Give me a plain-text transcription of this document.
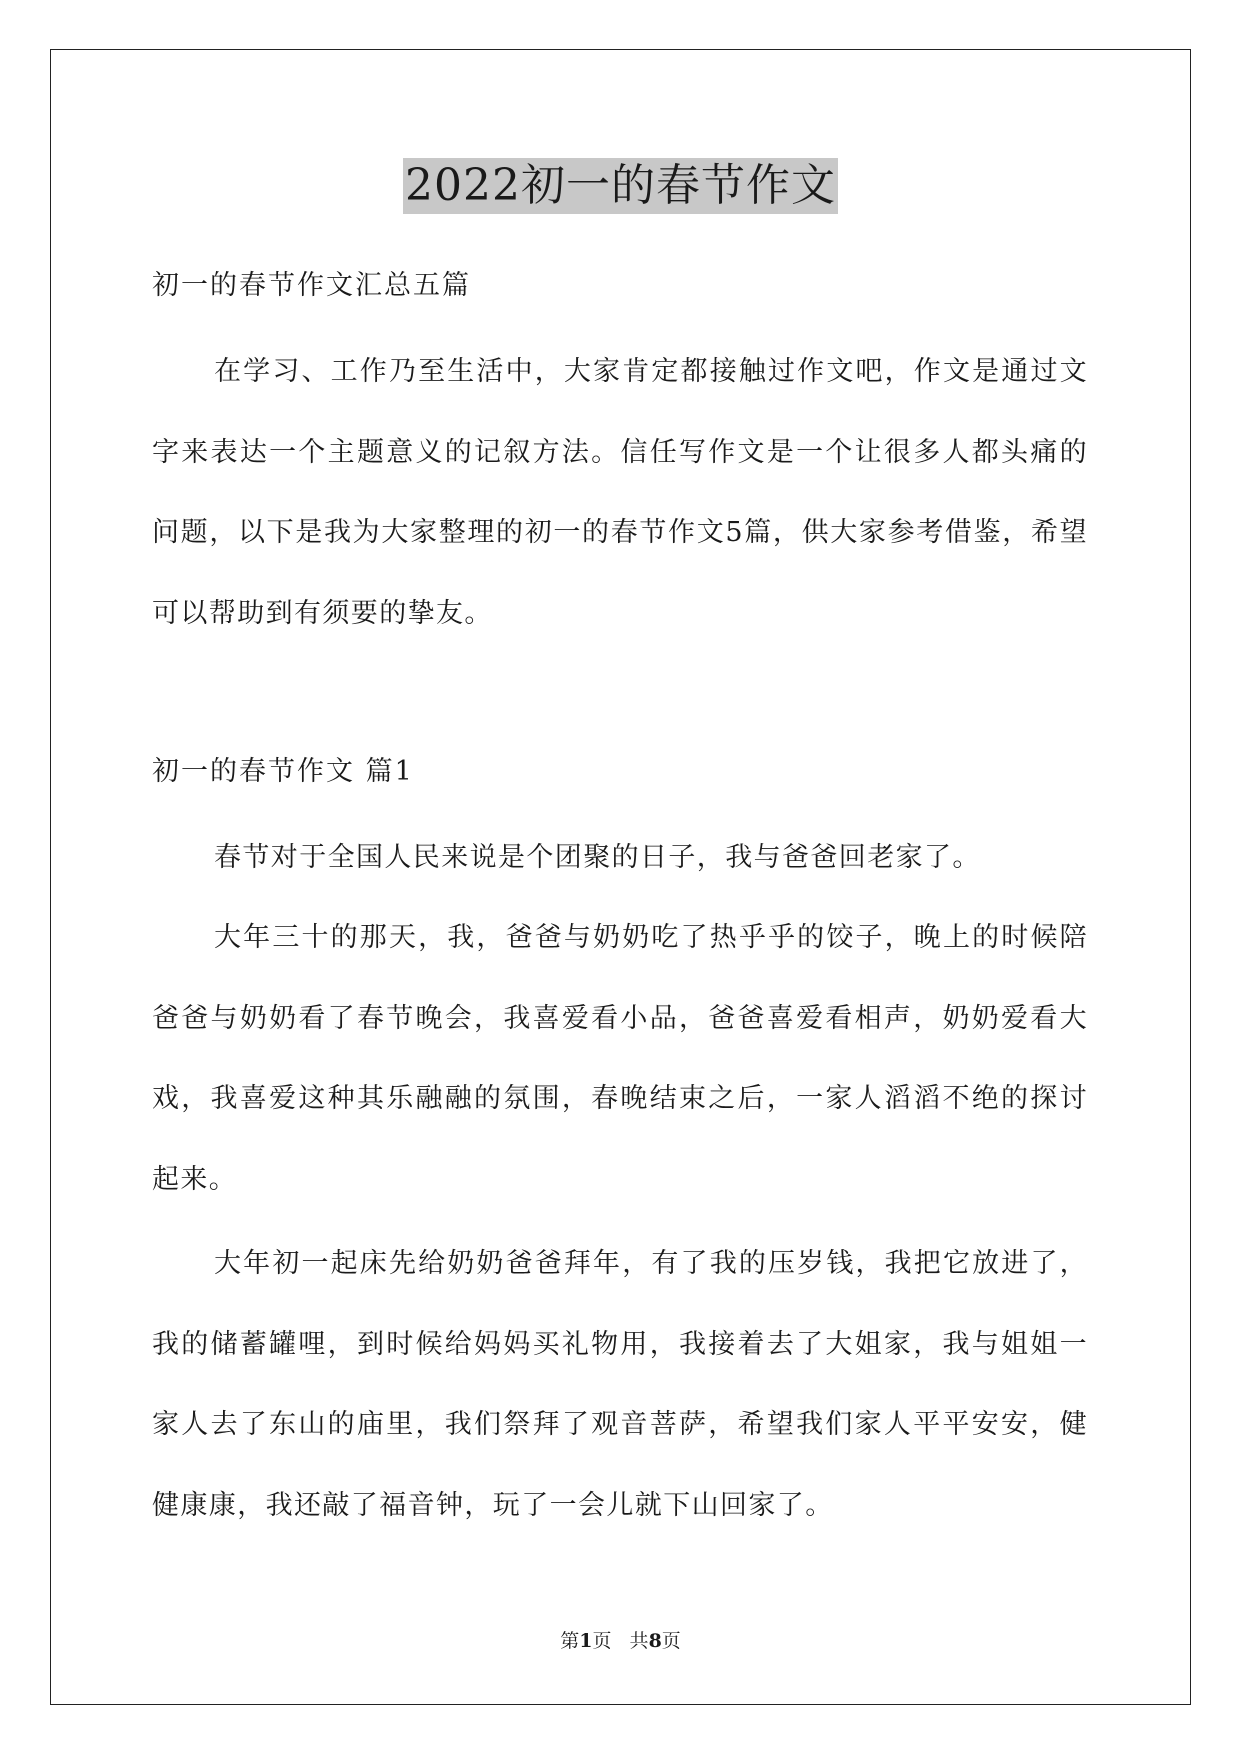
2022初一的春节作文
初一的春节作文汇总五篇

在学习、工作乃至生活中，大家肯定都接触过作文吧，作文是通过文字来表达一个主题意义的记叙方法。信任写作文是一个让很多人都头痛的问题，以下是我为大家整理的初一的春节作文5篇，供大家参考借鉴，希望可以帮助到有须要的挚友。

初一的春节作文 篇1

春节对于全国人民来说是个团聚的日子，我与爸爸回老家了。

大年三十的那天，我，爸爸与奶奶吃了热乎乎的饺子，晚上的时候陪爸爸与奶奶看了春节晚会，我喜爱看小品，爸爸喜爱看相声，奶奶爱看大戏，我喜爱这种其乐融融的氛围，春晚结束之后，一家人滔滔不绝的探讨起来。

大年初一起床先给奶奶爸爸拜年，有了我的压岁钱，我把它放进了，我的储蓄罐哩，到时候给妈妈买礼物用，我接着去了大姐家，我与姐姐一家人去了东山的庙里，我们祭拜了观音菩萨，希望我们家人平平安安，健健康康，我还敲了福音钟，玩了一会儿就下山回家了。

第1页   共8页
